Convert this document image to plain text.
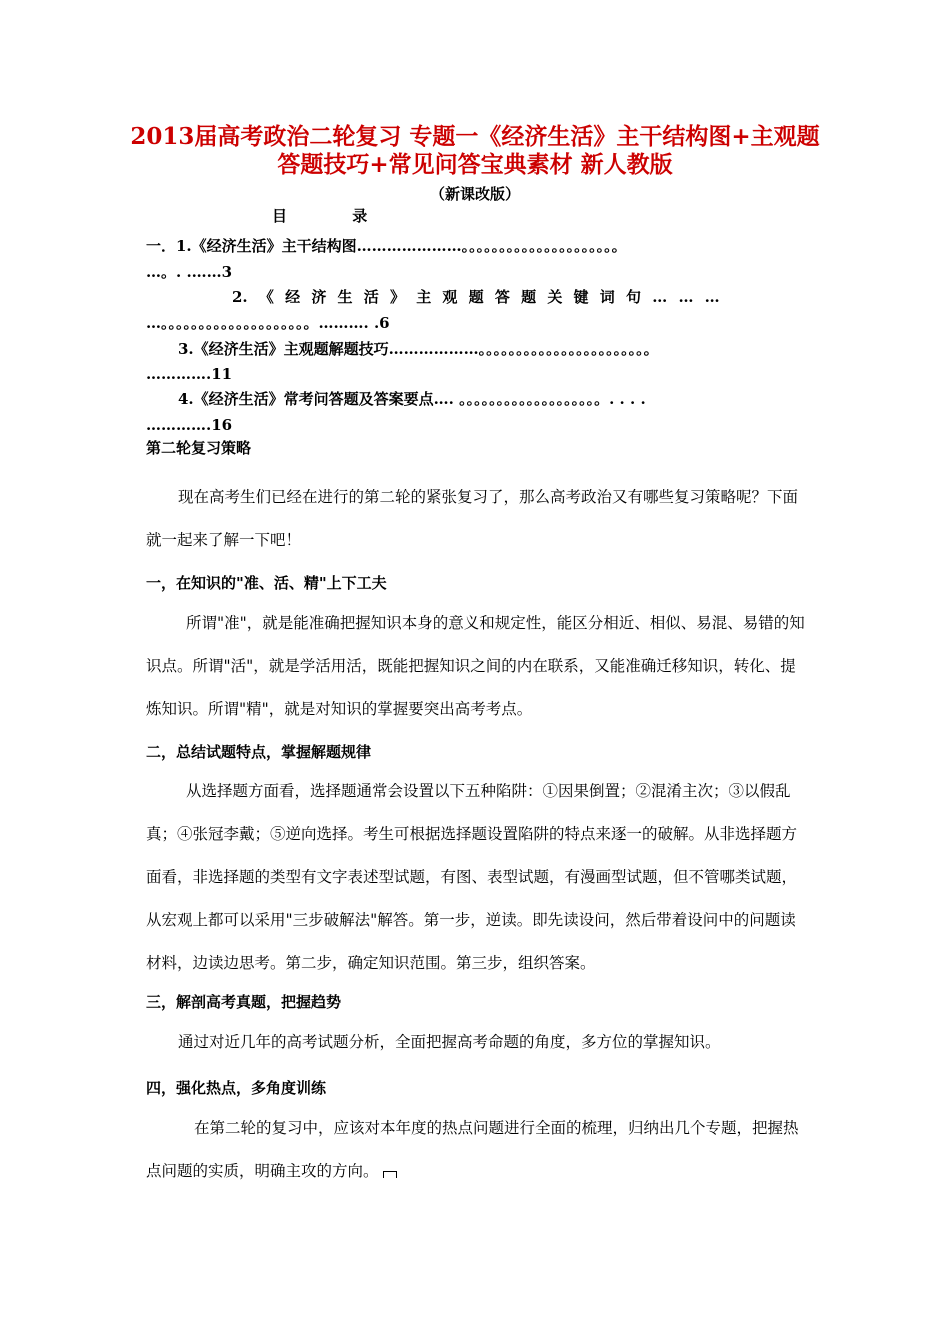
2013届高考政治二轮复习 专题一《经济生活》主干结构图+主观题
答题技巧+常见问答宝典素材 新人教版
（新课改版）
目 录
一．1.《经济生活》主干结构图…………………。。。。。。。。。。。。。。。。。。。。。
…。. .……3
2. 《 经 济 生 活 》 主 观 题 答 题 关 键 词 句 … … …
…。。。。。。。。。。。。。。。。。。。。………. .6
3.《经济生活》主观题解题技巧………………。。。。。。。。。。。。。。。。。。。。。。。
………….11
4.《经济生活》常考问答题及答案要点…. 。。。。。。。。。。。。。。。。。。。. . . .
………….16
第二轮复习策略
现在高考生们已经在进行的第二轮的紧张复习了，那么高考政治又有哪些复习策略呢？下面就一起来了解一下吧！
一，在知识的"准、活、精"上下工夫
所谓"准"，就是能准确把握知识本身的意义和规定性，能区分相近、相似、易混、易错的知识点。所谓"活"，就是学活用活，既能把握知识之间的内在联系，又能准确迁移知识，转化、提炼知识。所谓"精"，就是对知识的掌握要突出高考考点。
二，总结试题特点，掌握解题规律
从选择题方面看，选择题通常会设置以下五种陷阱：①因果倒置；②混淆主次；③以假乱真；④张冠李戴；⑤逆向选择。考生可根据选择题设置陷阱的特点来逐一的破解。从非选择题方面看，非选择题的类型有文字表述型试题，有图、表型试题，有漫画型试题，但不管哪类试题，从宏观上都可以采用"三步破解法"解答。第一步，逆读。即先读设问，然后带着设问中的问题读材料，边读边思考。第二步，确定知识范围。第三步，组织答案。
三，解剖高考真题，把握趋势
通过对近几年的高考试题分析，全面把握高考命题的角度，多方位的掌握知识。
四，强化热点，多角度训练
在第二轮的复习中，应该对本年度的热点问题进行全面的梳理，归纳出几个专题，把握热点问题的实质，明确主攻的方向。
